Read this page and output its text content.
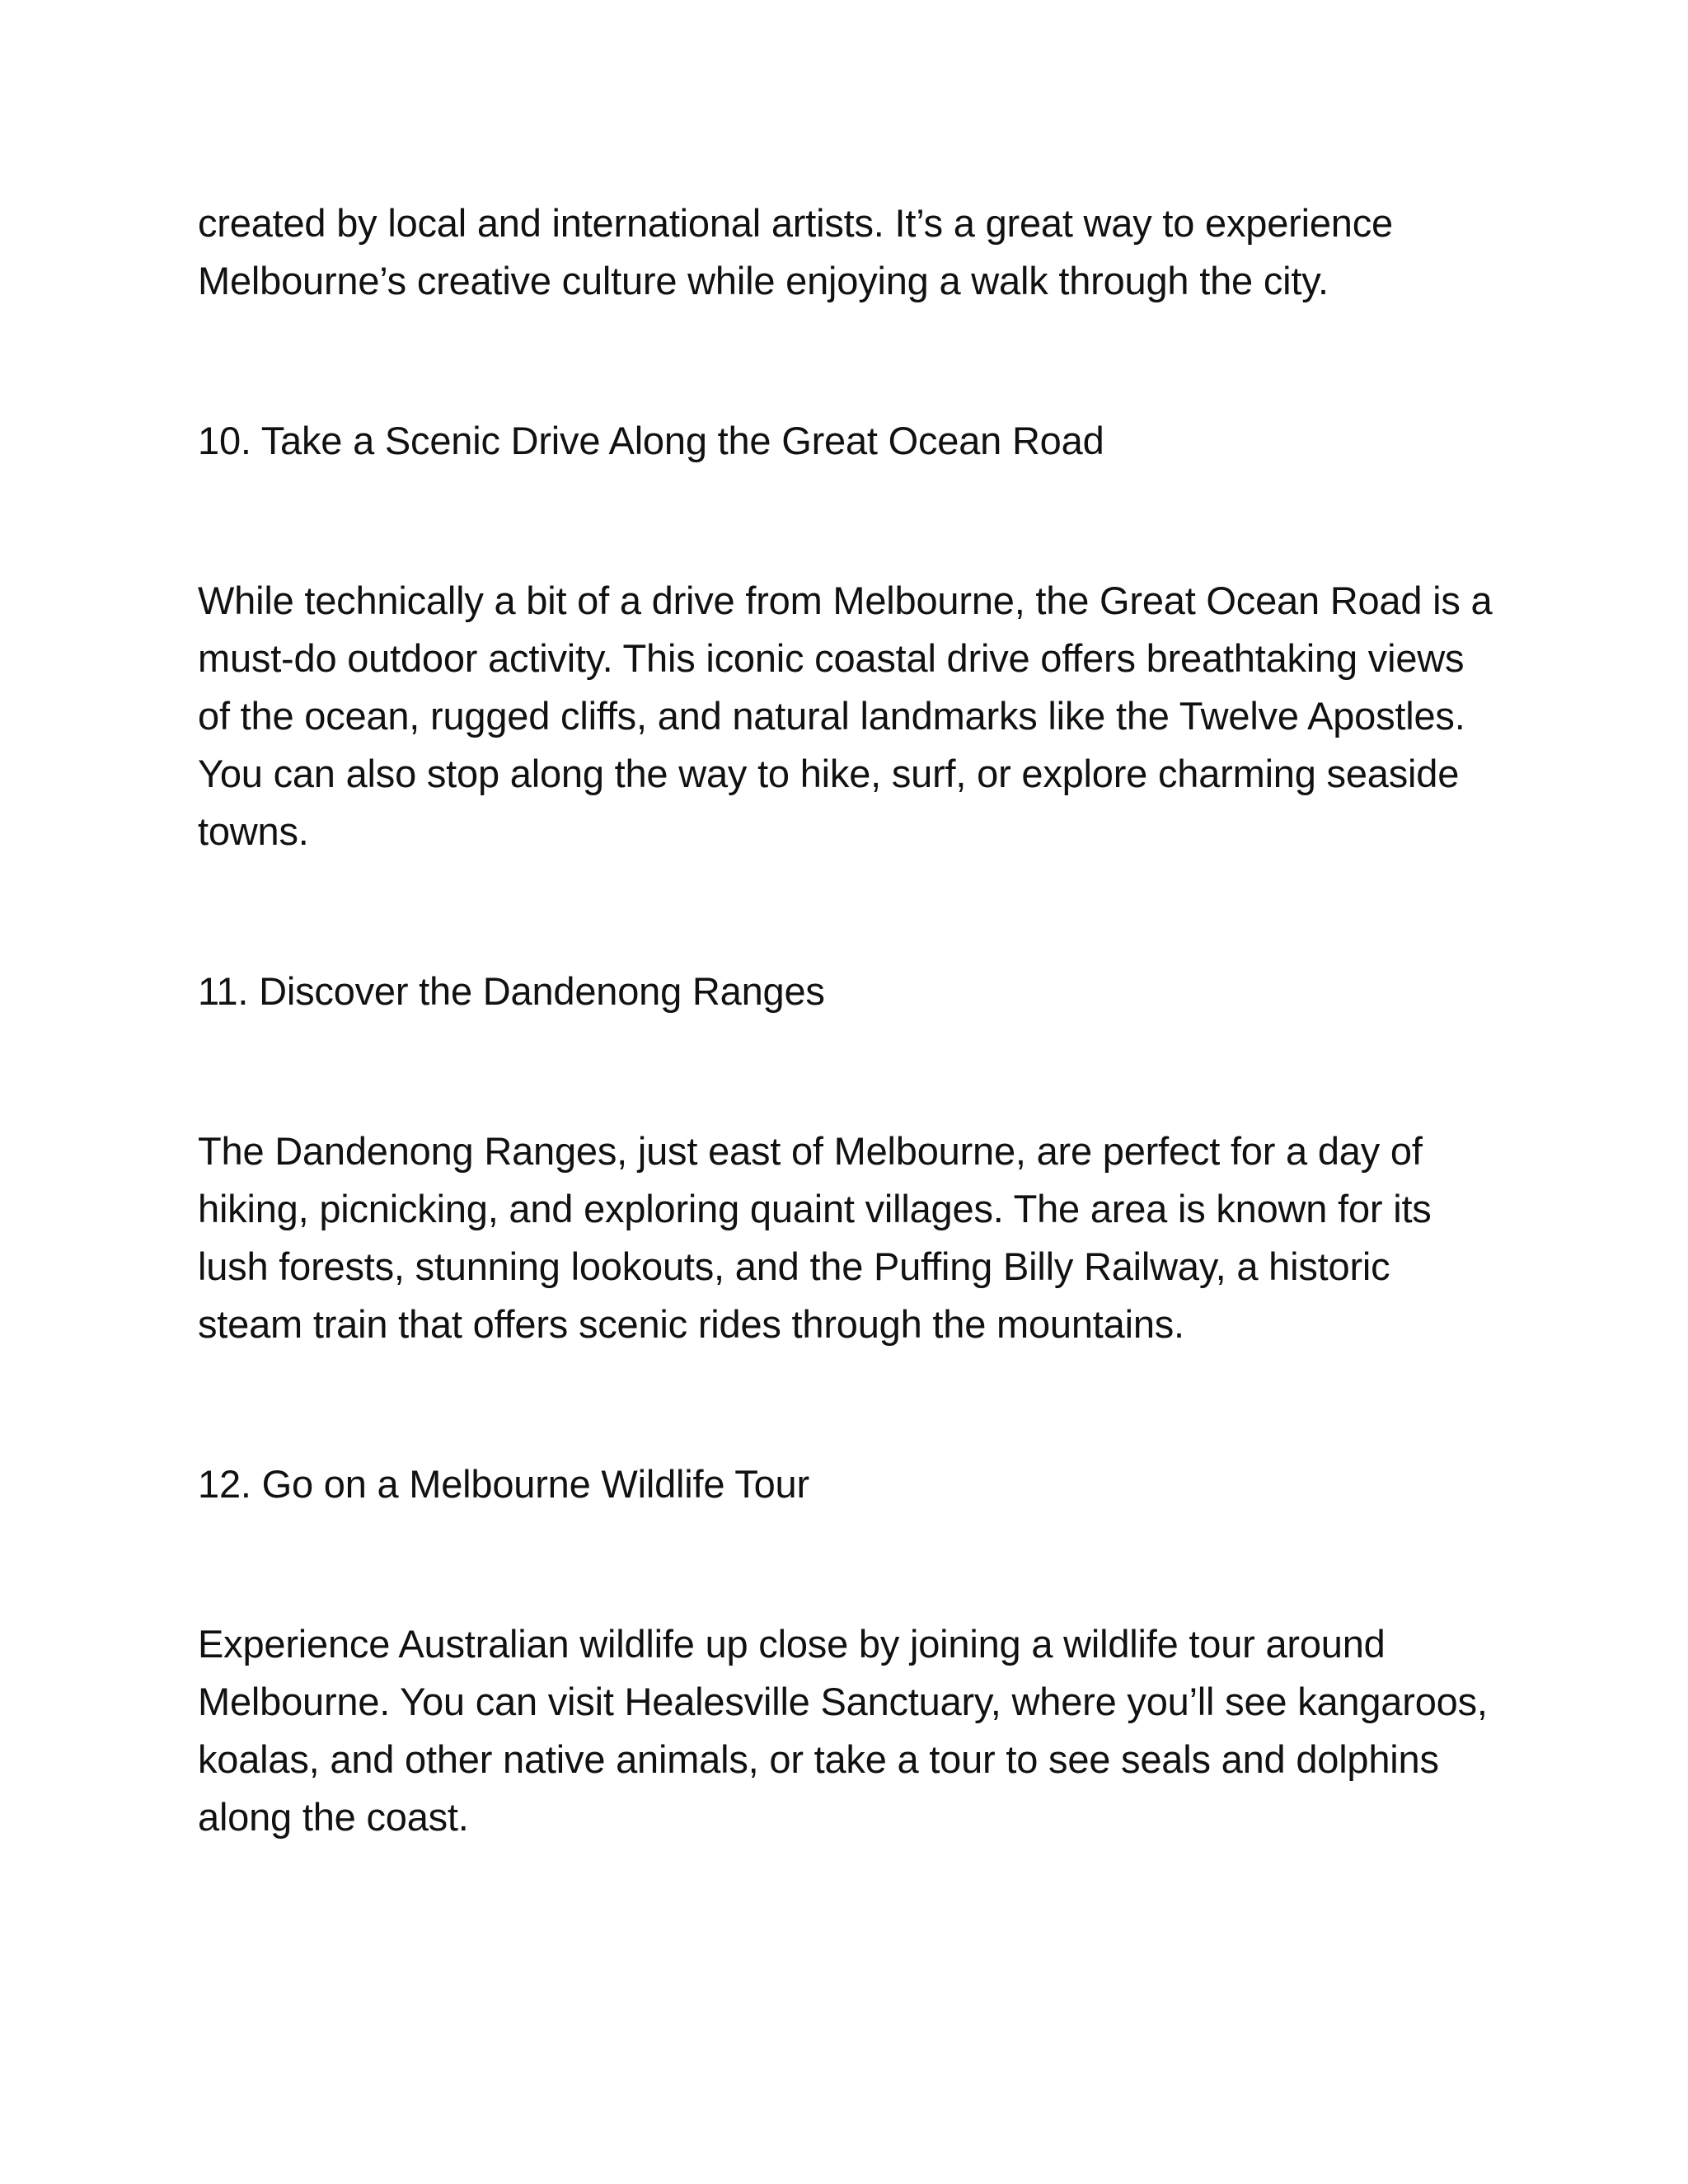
created by local and international artists. It’s a great way to experience Melbourne’s creative culture while enjoying a walk through the city.

10. Take a Scenic Drive Along the Great Ocean Road

While technically a bit of a drive from Melbourne, the Great Ocean Road is a must-do outdoor activity. This iconic coastal drive offers breathtaking views of the ocean, rugged cliffs, and natural landmarks like the Twelve Apostles. You can also stop along the way to hike, surf, or explore charming seaside towns.

11. Discover the Dandenong Ranges

The Dandenong Ranges, just east of Melbourne, are perfect for a day of hiking, picnicking, and exploring quaint villages. The area is known for its lush forests, stunning lookouts, and the Puffing Billy Railway, a historic steam train that offers scenic rides through the mountains.

12. Go on a Melbourne Wildlife Tour

Experience Australian wildlife up close by joining a wildlife tour around Melbourne. You can visit Healesville Sanctuary, where you’ll see kangaroos, koalas, and other native animals, or take a tour to see seals and dolphins along the coast.
